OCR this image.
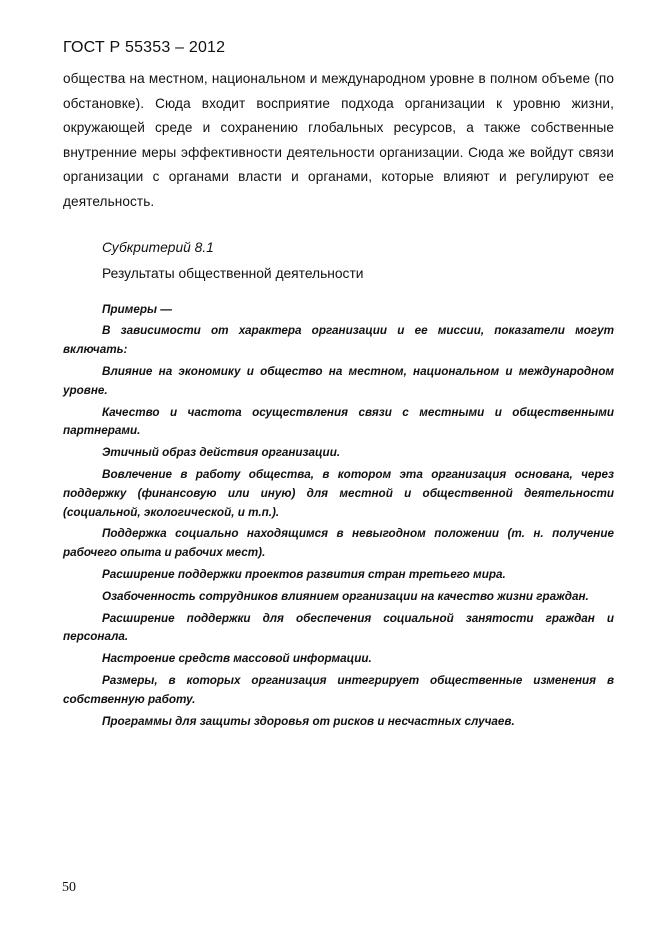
ГОСТ Р 55353 – 2012

общества на местном, национальном и международном уровне в полном объеме (по обстановке). Сюда входит восприятие подхода организации к уровню жизни, окружающей среде и сохранению глобальных ресурсов, а также собственные внутренние меры эффективности деятельности организации. Сюда же войдут связи организации с органами власти и органами, которые влияют и регулируют ее деятельность.

Субкритерий 8.1
Результаты общественной деятельности

Примеры —

В зависимости от характера организации и ее миссии, показатели могут включать:

Влияние на экономику и общество на местном, национальном и международном уровне.

Качество и частота осуществления связи с местными и общественными партнерами.

Этичный образ действия организации.

Вовлечение в работу общества, в котором эта организация основана, через поддержку (финансовую или иную) для местной и общественной деятельности (социальной, экологической, и т.п.).

Поддержка социально находящимся в невыгодном положении (т. н. получение рабочего опыта и рабочих мест).

Расширение поддержки проектов развития стран третьего мира.

Озабоченность сотрудников влиянием организации на качество жизни граждан.

Расширение поддержки для обеспечения социальной занятости граждан и персонала.

Настроение средств массовой информации.

Размеры, в которых организация интегрирует общественные изменения в собственную работу.

Программы для защиты здоровья от рисков и несчастных случаев.

50
